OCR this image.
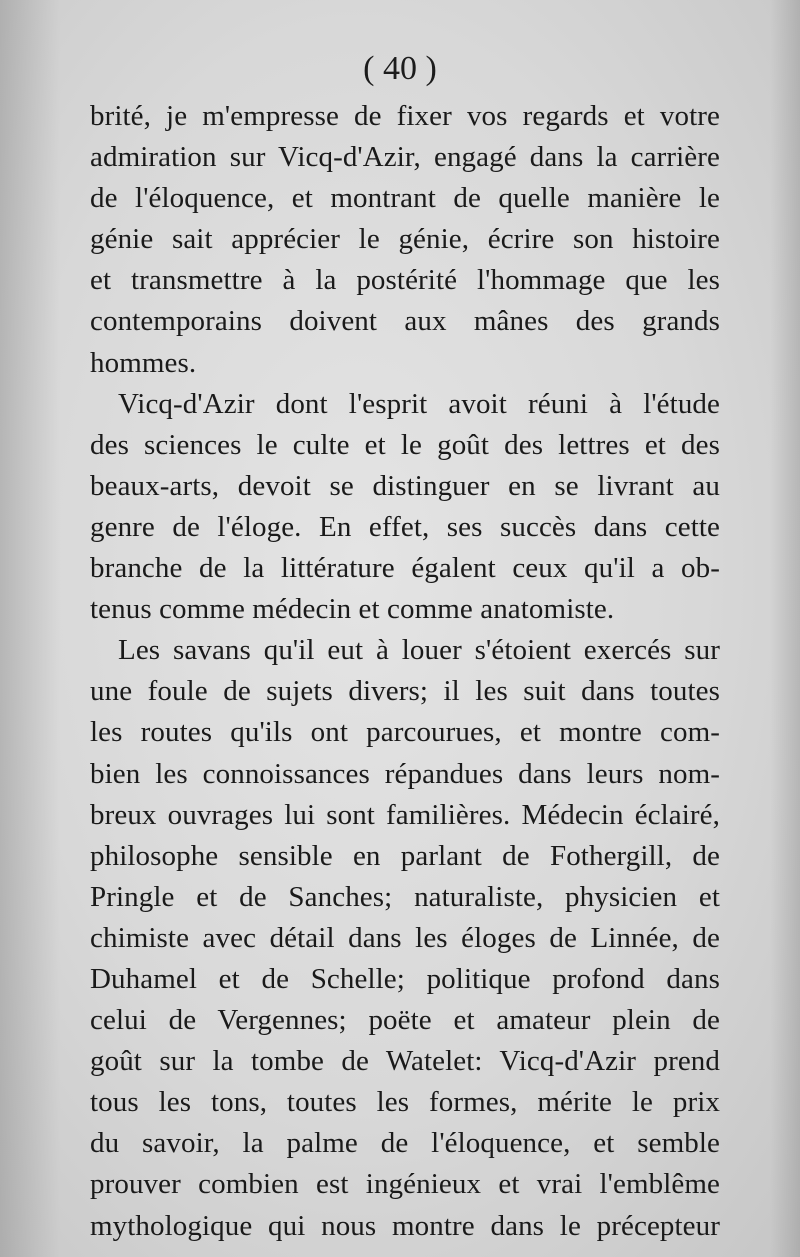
( 40 )
brité, je m'empresse de fixer vos regards et votre
admiration sur Vicq-d'Azir, engagé dans la carrière
de l'éloquence, et montrant de quelle manière le
génie sait apprécier le génie, écrire son histoire
et transmettre à la postérité l'hommage que les
contemporains doivent aux mânes des grands
hommes.
Vicq-d'Azir dont l'esprit avoit réuni à l'étude
des sciences le culte et le goût des lettres et des
beaux-arts, devoit se distinguer en se livrant au
genre de l'éloge. En effet, ses succès dans cette
branche de la littérature égalent ceux qu'il a ob-
tenus comme médecin et comme anatomiste.
Les savans qu'il eut à louer s'étoient exercés sur
une foule de sujets divers; il les suit dans toutes
les routes qu'ils ont parcourues, et montre com-
bien les connoissances répandues dans leurs nom-
breux ouvrages lui sont familières. Médecin éclairé,
philosophe sensible en parlant de Fothergill, de
Pringle et de Sanches; naturaliste, physicien et
chimiste avec détail dans les éloges de Linnée, de
Duhamel et de Schelle; politique profond dans
celui de Vergennes; poëte et amateur plein de
goût sur la tombe de Watelet: Vicq-d'Azir prend
tous les tons, toutes les formes, mérite le prix
du savoir, la palme de l'éloquence, et semble
prouver combien est ingénieux et vrai l'emblême
mythologique qui nous montre dans le précepteur
